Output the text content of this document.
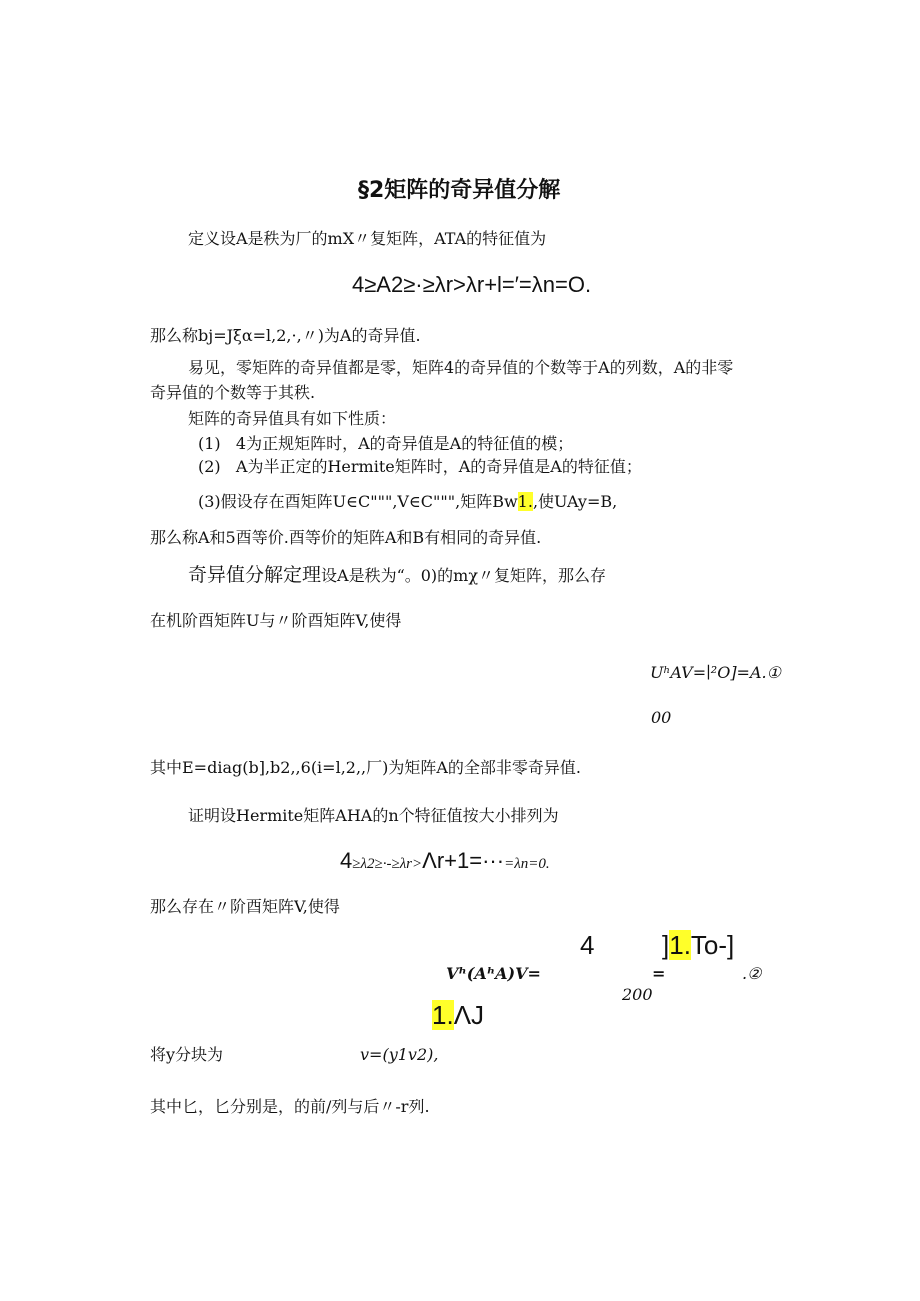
§2矩阵的奇异值分解
定义设A是秩为厂的mX〃复矩阵，ATA的特征值为
4≥A2≥·≥λr>λr+l=′=λn=O.
那么称bj=Jξα=l,2,·,〃)为A的奇异值.
易见，零矩阵的奇异值都是零，矩阵4的奇异值的个数等于A的列数，A的非零
奇异值的个数等于其秩.
矩阵的奇异值具有如下性质：
(1)   4为正规矩阵时，A的奇异值是A的特征值的模；
(2)   A为半正定的Hermite矩阵时，A的奇异值是A的特征值；
(3)假设存在酉矩阵U∈C""",V∈C""",矩阵Bw1.,使UAy=B,
那么称A和5酉等价.酉等价的矩阵A和B有相同的奇异值.
奇异值分解定理设A是秩为“。0)的mχ〃复矩阵，那么存
在机阶酉矩阵U与〃阶酉矩阵V,使得
UʰAV=∣²O]=A.①
00
其中E=diag(b],b2,,6(i=l,2,,厂)为矩阵A的全部非零奇异值.
证明设Hermite矩阵AHA的n个特征值按大小排列为
4≥λ2≥·-≥λr>Λr+1=···=λn=0.
那么存在〃阶酉矩阵V,使得
4	]1.To-]
Vʰ(AʰA)V=	=	.②
200
1.ΛJ
将y分块为	v=(y1v2),
其中匕，匕分别是，的前/列与后〃-r列.
